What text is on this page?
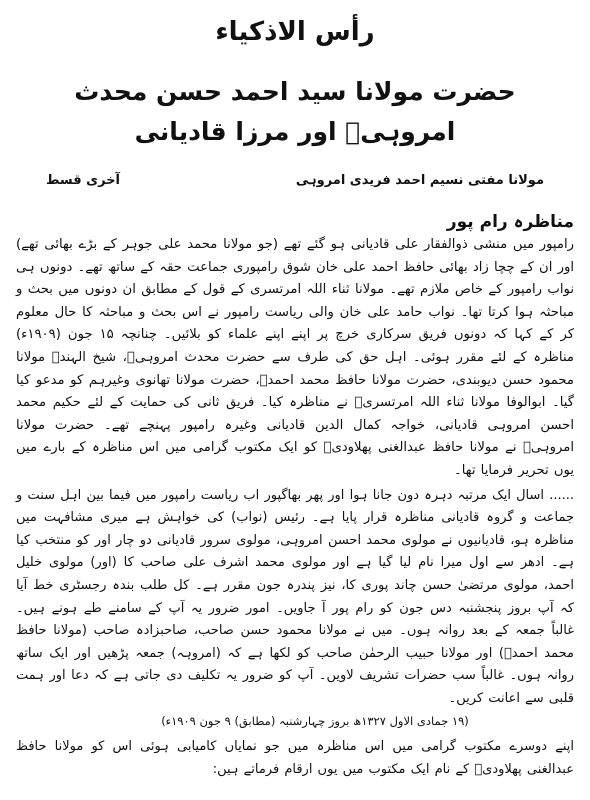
رأس الاذکیاء
حضرت مولانا سید احمد حسن محدث امروہیؒ اور مرزا قادیانی
مولانا مفتی نسیم احمد فریدی امروہی
آخری قسط
مناظرہ رام پور

رامپور میں منشی ذوالفقار علی قادیانی ہو گئے تھے (جو مولانا محمد علی جوہر کے بڑے بھائی تھے) اور ان کے چچا زاد بھائی حافظ احمد علی خان شوق رامپوری جماعت حقہ کے ساتھ تھے۔ دونوں ہی نواب رامپور کے خاص ملازم تھے۔ مولانا ثناء اللہ امرتسری کے قول کے مطابق ان دونوں میں بحث و مباحثہ ہوا کرتا تھا۔ نواب حامد علی خان والی ریاست رامپور نے اس بحث و مباحثہ کا حال معلوم کر کے کہا کہ دونوں فریق سرکاری خرچ پر اپنے اپنے علماء کو بلائیں۔ چنانچہ ۱۵ جون (۱۹۰۹ء) مناظرہ کے لئے مقرر ہوئی۔ اہل حق کی طرف سے حضرت محدث امروہیؒ، شیخ الہندؒ مولانا محمود حسن دیوبندی، حضرت مولانا حافظ محمد احمدؒ، حضرت مولانا تھانوی وغیرہم کو مدعو کیا گیا۔ ابوالوفا مولانا ثناء اللہ امرتسریؒ نے مناظرہ کیا۔ فریق ثانی کی حمایت کے لئے حکیم محمد احسن امروہی قادیانی، خواجہ کمال الدین قادیانی وغیرہ رامپور پہنچے تھے۔ حضرت مولانا امروہیؒ نے مولانا حافظ عبدالغنی پھلاودیؒ کو ایک مکتوب گرامی میں اس مناظرہ کے بارے میں یوں تحریر فرمایا تھا۔

...... اسال ایک مرتبہ دہرہ دون جانا ہوا اور پھر بھاگپور اب ریاست رامپور میں فیما بین اہل سنت و جماعت و گروہ قادیانی مناظرہ قرار پایا ہے۔ رئیس (نواب) کی خواہش ہے میری مشافہت میں مناظرہ ہو، قادیانیوں نے مولوی محمد احسن امروہی، مولوی سرور قادیانی دو چار اور کو منتخب کیا ہے۔ ادھر سے اول میرا نام لیا گیا ہے اور مولوی محمد اشرف علی صاحب کا (اور) مولوی خلیل احمد، مولوی مرتضیٰ حسن چاند پوری کا، نیز پندرہ جون مقرر ہے۔ کل طلب بندہ رجسٹری خط آیا کہ آپ بروز پنجشنبہ دس جون کو رام پور آ جاویں۔ امور ضرور یہ آپ کے سامنے طے ہونے ہیں۔ غالباً جمعہ کے بعد روانہ ہوں۔ میں نے مولانا محمود حسن صاحب، صاحبزادہ صاحب (مولانا حافظ محمد احمدؒ) اور مولانا حبیب الرحمٰن صاحب کو لکھا ہے کہ (امروہہ) جمعہ پڑھیں اور ایک ساتھ روانہ ہوں۔ غالباً سب حضرات تشریف لاویں۔ آپ کو ضرور یہ تکلیف دی جاتی ہے کہ دعا اور ہمت قلبی سے اعانت کریں۔

(۱۹ جمادی الاول ۱۳۲۷ھ بروز چہارشنبہ (مطابق) ۹ جون ۱۹۰۹ء)

اپنے دوسرے مکتوب گرامی میں اس مناظرہ میں جو نمایاں کامیابی ہوئی اس کو مولانا حافظ عبدالغنی پھلاودیؒ کے نام ایک مکتوب میں یوں ارقام فرماتے ہیں:
